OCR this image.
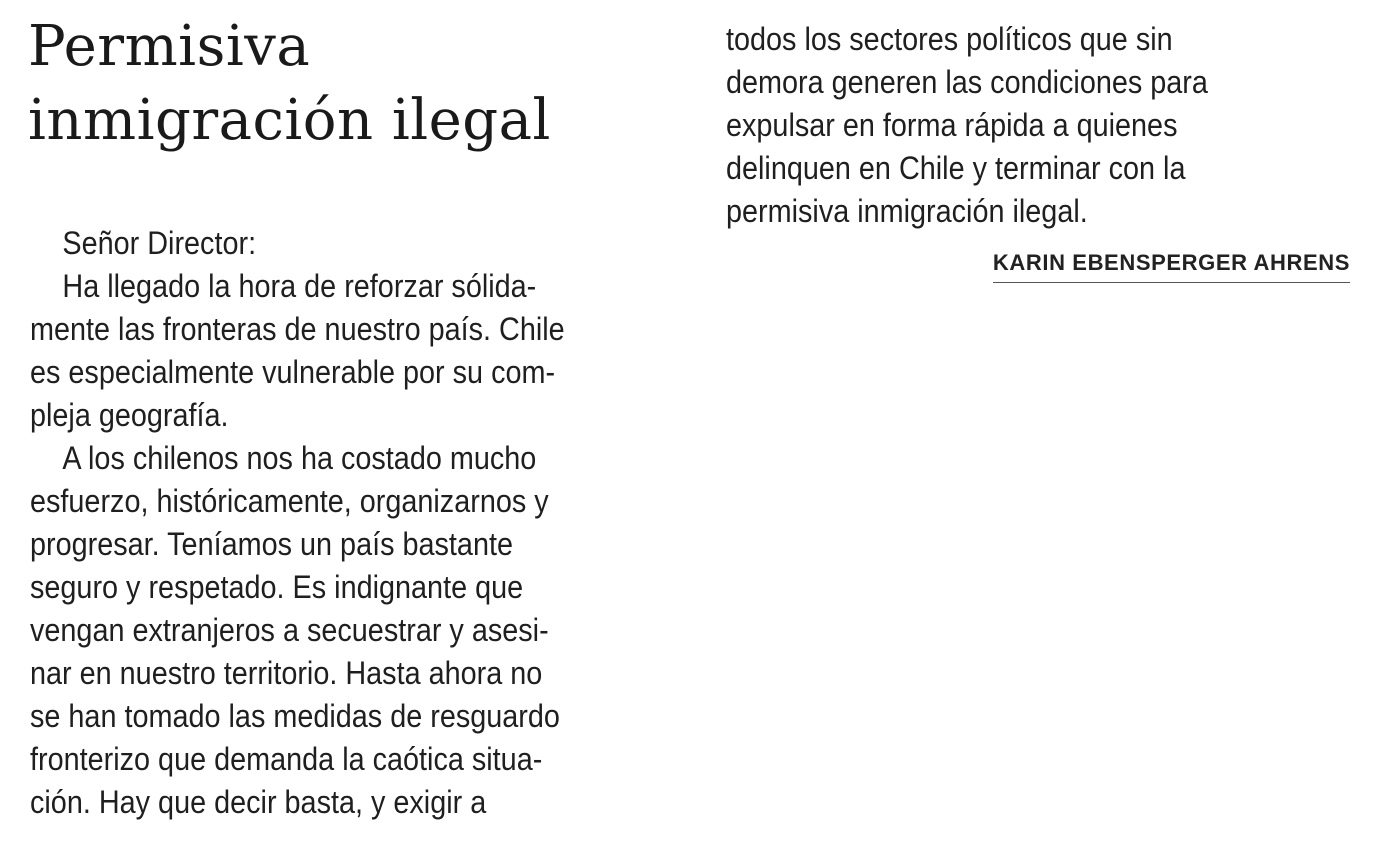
Permisiva
inmigración ilegal
Señor Director:
Ha llegado la hora de reforzar sólida-
mente las fronteras de nuestro país. Chile
es especialmente vulnerable por su com-
pleja geografía.
A los chilenos nos ha costado mucho
esfuerzo, históricamente, organizarnos y
progresar. Teníamos un país bastante
seguro y respetado. Es indignante que
vengan extranjeros a secuestrar y asesi-
nar en nuestro territorio. Hasta ahora no
se han tomado las medidas de resguardo
fronterizo que demanda la caótica situa-
ción. Hay que decir basta, y exigir a
todos los sectores políticos que sin
demora generen las condiciones para
expulsar en forma rápida a quienes
delinquen en Chile y terminar con la
permisiva inmigración ilegal.
KARIN EBENSPERGER AHRENS
